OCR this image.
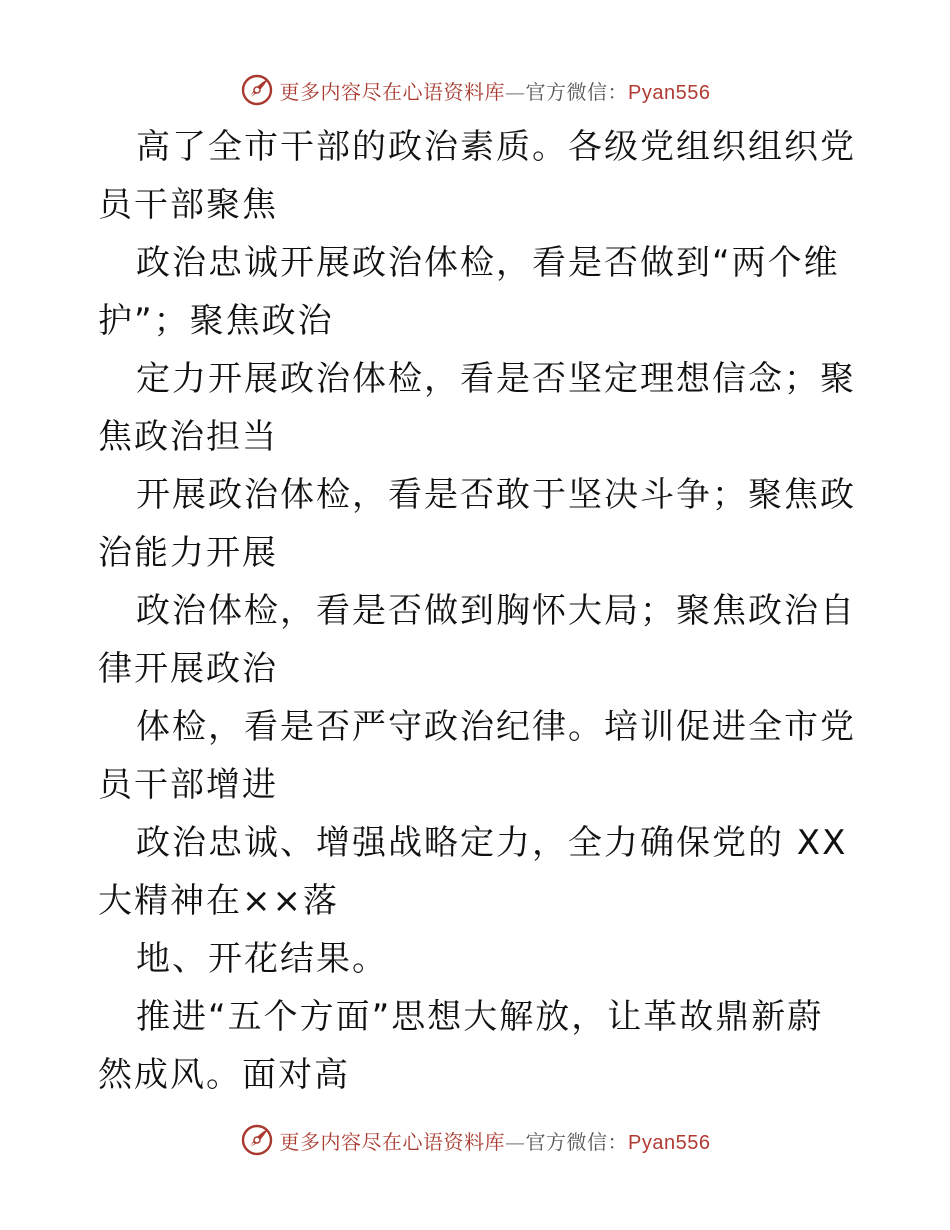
更多内容尽在心语资料库—官方微信：Pyan556

高了全市干部的政治素质。各级党组织组织党员干部聚焦

政治忠诚开展政治体检，看是否做到“两个维护”；聚焦政治

定力开展政治体检，看是否坚定理想信念；聚焦政治担当

开展政治体检，看是否敢于坚决斗争；聚焦政治能力开展

政治体检，看是否做到胸怀大局；聚焦政治自律开展政治

体检，看是否严守政治纪律。培训促进全市党员干部增进

政治忠诚、增强战略定力，全力确保党的 XX 大精神在××落

地、开花结果。

推进“五个方面”思想大解放，让革故鼎新蔚然成风。面对高

更多内容尽在心语资料库—官方微信：Pyan556
